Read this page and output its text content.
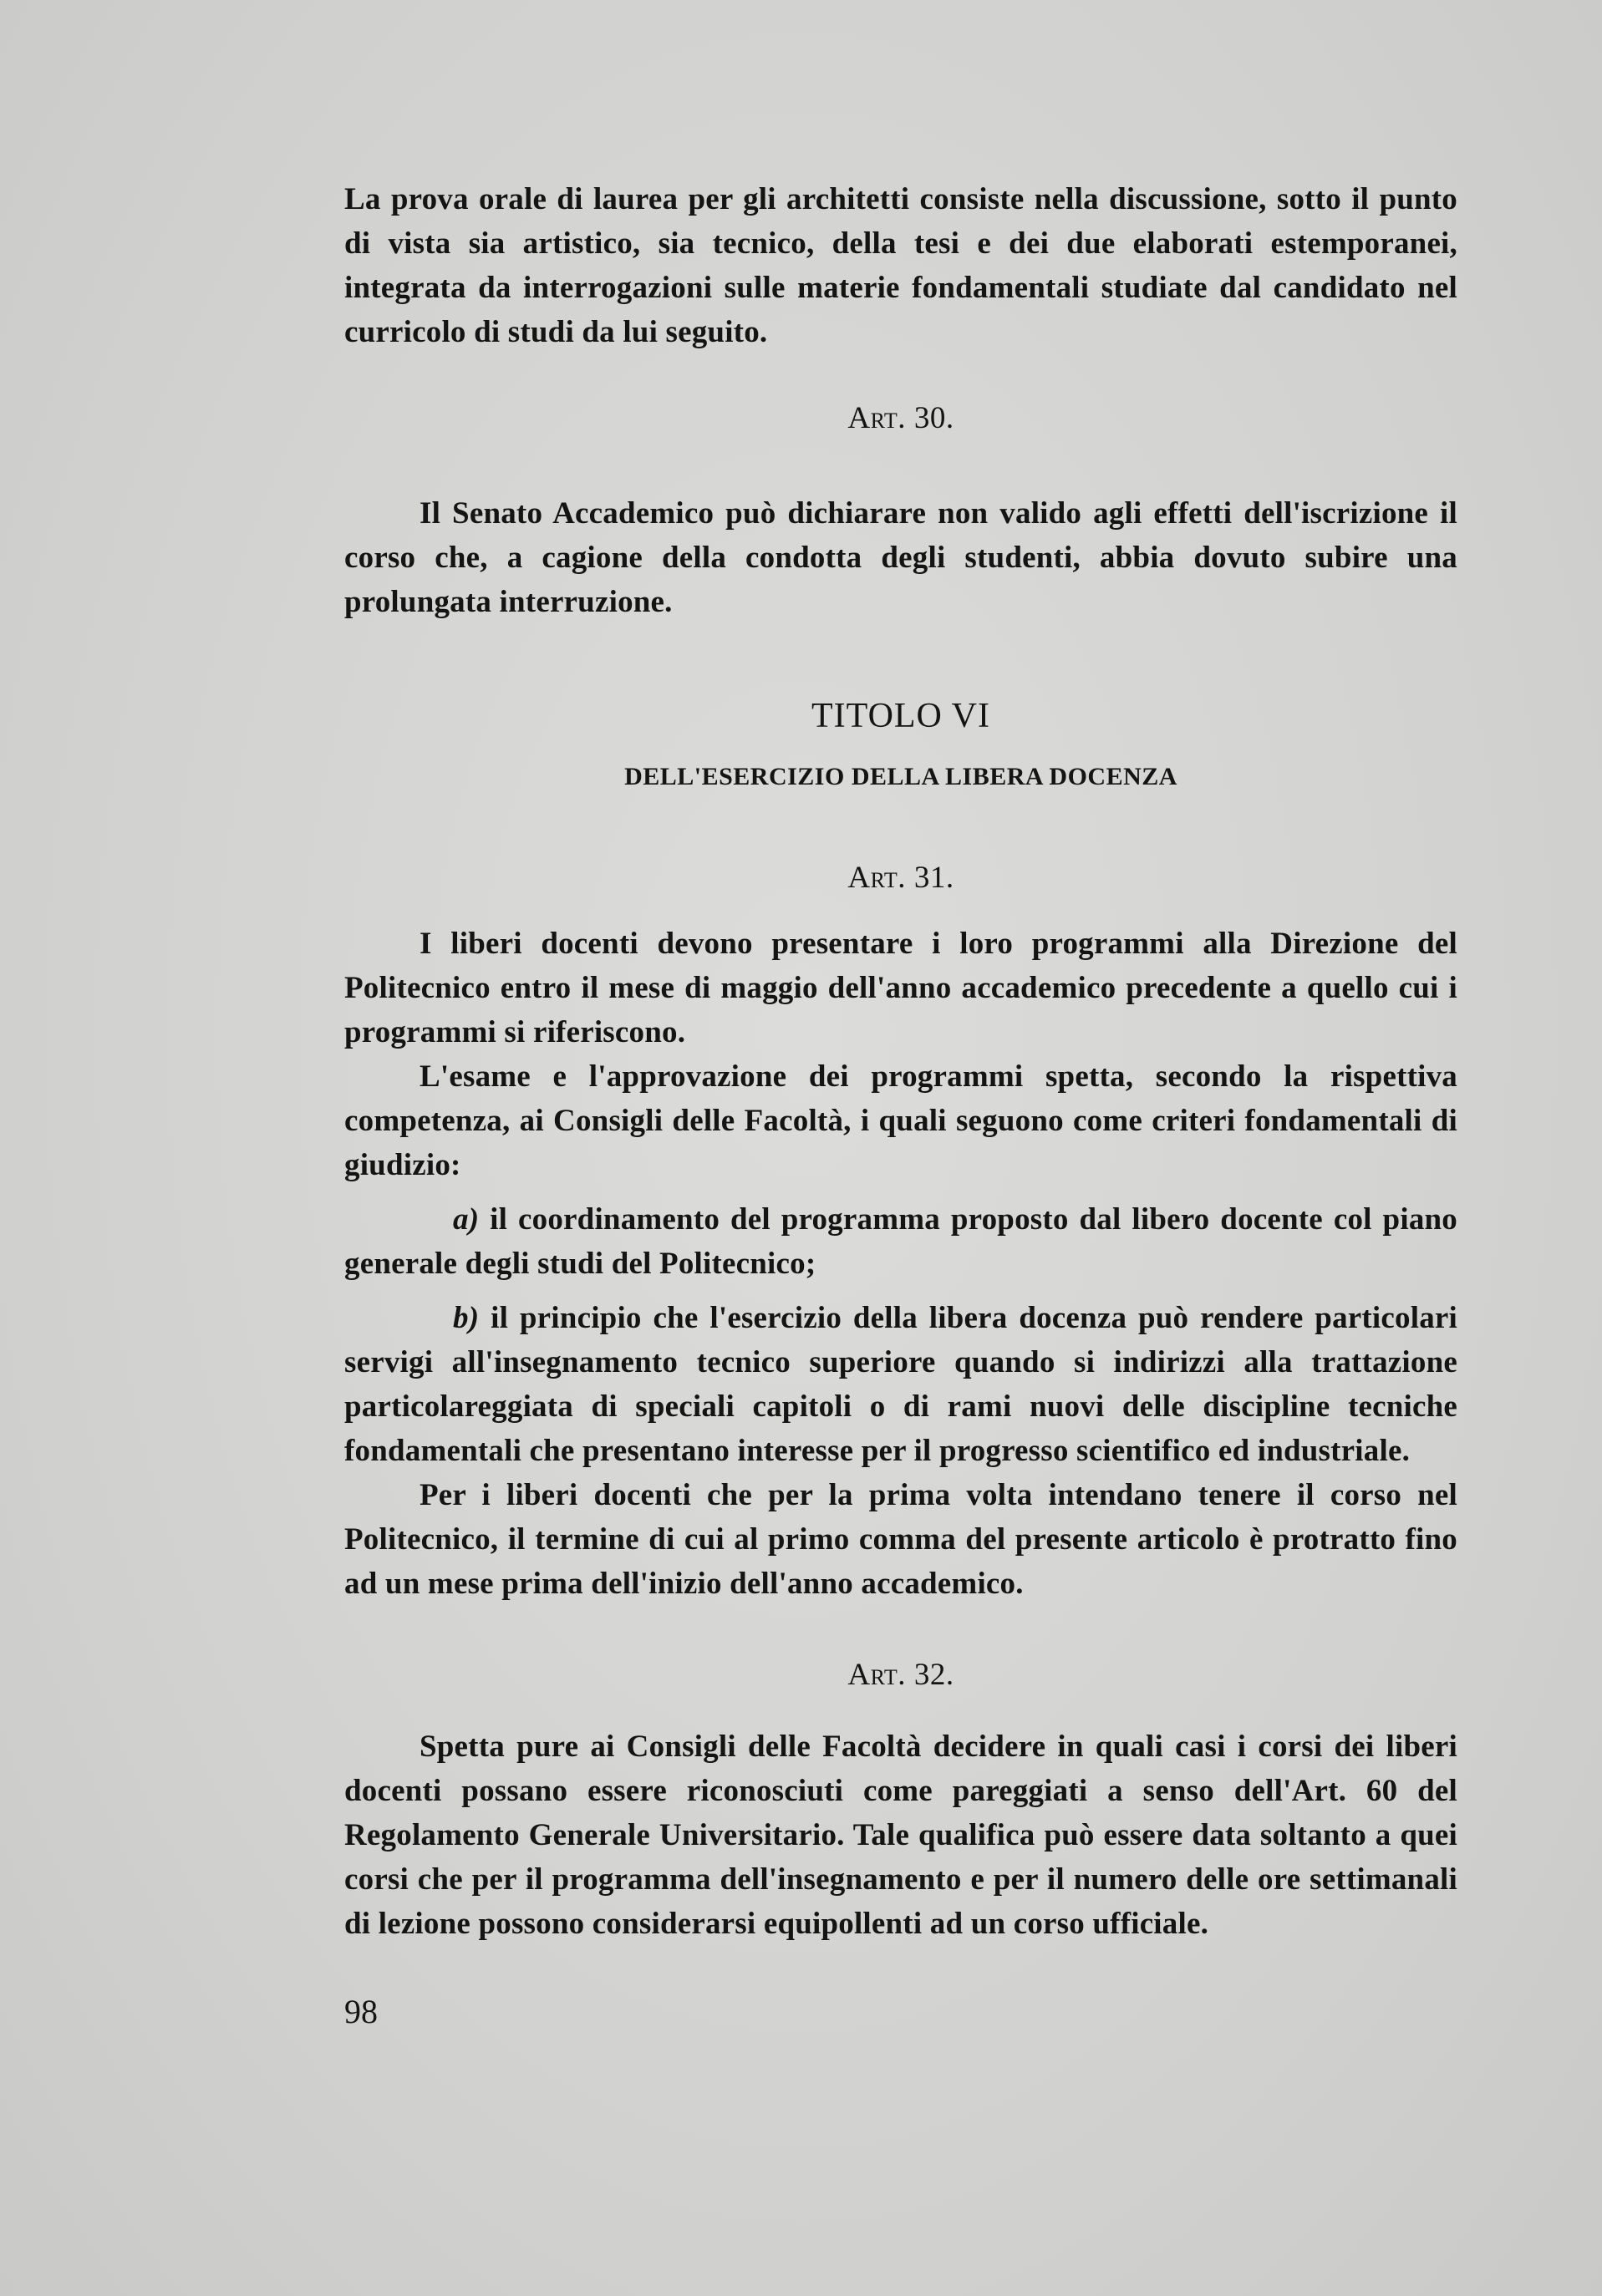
La prova orale di laurea per gli architetti consiste nella discussione, sotto il punto di vista sia artistico, sia tecnico, della tesi e dei due elaborati estemporanei, integrata da interrogazioni sulle materie fondamentali studiate dal candidato nel curricolo di studi da lui seguito.

Art. 30.

Il Senato Accademico può dichiarare non valido agli effetti dell'iscrizione il corso che, a cagione della condotta degli studenti, abbia dovuto subire una prolungata interruzione.

TITOLO VI
DELL'ESERCIZIO DELLA LIBERA DOCENZA
Art. 31.

I liberi docenti devono presentare i loro programmi alla Direzione del Politecnico entro il mese di maggio dell'anno accademico precedente a quello cui i programmi si riferiscono.

L'esame e l'approvazione dei programmi spetta, secondo la rispettiva competenza, ai Consigli delle Facoltà, i quali seguono come criteri fondamentali di giudizio:

a) il coordinamento del programma proposto dal libero docente col piano generale degli studi del Politecnico;

b) il principio che l'esercizio della libera docenza può rendere particolari servigi all'insegnamento tecnico superiore quando si indirizzi alla trattazione particolareggiata di speciali capitoli o di rami nuovi delle discipline tecniche fondamentali che presentano interesse per il progresso scientifico ed industriale.

Per i liberi docenti che per la prima volta intendano tenere il corso nel Politecnico, il termine di cui al primo comma del presente articolo è protratto fino ad un mese prima dell'inizio dell'anno accademico.

Art. 32.

Spetta pure ai Consigli delle Facoltà decidere in quali casi i corsi dei liberi docenti possano essere riconosciuti come pareggiati a senso dell'Art. 60 del Regolamento Generale Universitario. Tale qualifica può essere data soltanto a quei corsi che per il programma dell'insegnamento e per il numero delle ore settimanali di lezione possono considerarsi equipollenti ad un corso ufficiale.

98
